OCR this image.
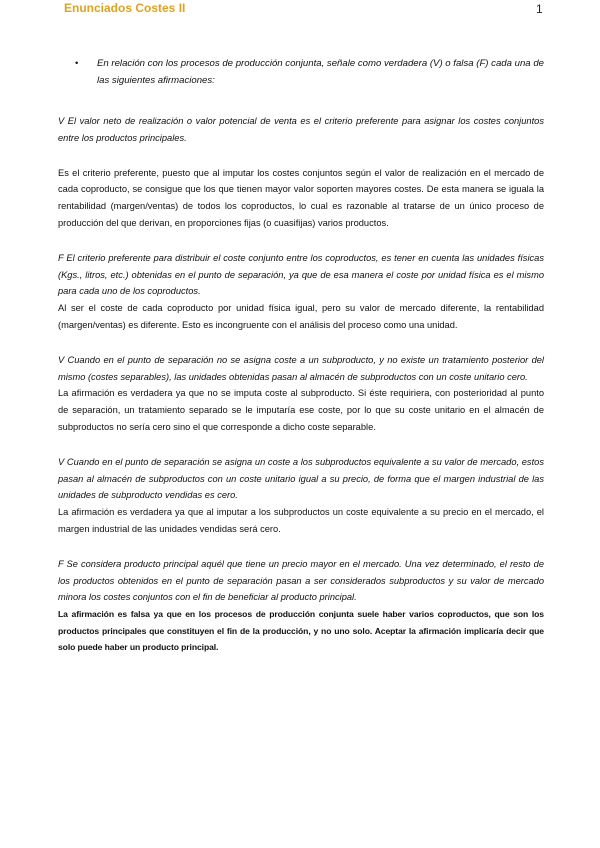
Enunciados Costes II	1
•	En relación con los procesos de producción conjunta, señale como verdadera (V) o falsa (F) cada una de las siguientes afirmaciones:

V El valor neto de realización o valor potencial de venta es el criterio preferente para asignar los costes conjuntos entre los productos principales.

Es el criterio preferente, puesto que al imputar los costes conjuntos según el valor de realización en el mercado de cada coproducto, se consigue que los que tienen mayor valor soporten mayores costes. De esta manera se iguala la rentabilidad (margen/ventas) de todos los coproductos, lo cual es razonable al tratarse de un único proceso de producción del que derivan, en proporciones fijas (o cuasifijas) varios productos.

F El criterio preferente para distribuir el coste conjunto entre los coproductos, es tener en cuenta las unidades físicas (Kgs., litros, etc.) obtenidas en el punto de separación, ya que de esa manera el coste por unidad física es el mismo para cada uno de los coproductos.

Al ser el coste de cada coproducto por unidad física igual, pero su valor de mercado diferente, la rentabilidad (margen/ventas) es diferente. Esto es incongruente con el análisis del proceso como una unidad.

V Cuando en el punto de separación no se asigna coste a un subproducto, y no existe un tratamiento posterior del mismo (costes separables), las unidades obtenidas pasan al almacén de subproductos con un coste unitario cero.

La afirmación es verdadera ya que no se imputa coste al subproducto. Si éste requiriera, con posterioridad al punto de separación, un tratamiento separado se le imputaría ese coste, por lo que su coste unitario en el almacén de subproductos no sería cero sino el que corresponde a dicho coste separable.

V Cuando en el punto de separación se asigna un coste a los subproductos equivalente a su valor de mercado, estos pasan al almacén de subproductos con un coste unitario igual a su precio, de forma que el margen industrial de las unidades de subproducto vendidas es cero.

La afirmación es verdadera ya que al imputar a los subproductos un coste equivalente a su precio en el mercado, el margen industrial de las unidades vendidas será cero.

F Se considera producto principal aquél que tiene un precio mayor en el mercado. Una vez determinado, el resto de los productos obtenidos en el punto de separación pasan a ser considerados subproductos y su valor de mercado minora los costes conjuntos con el fin de beneficiar al producto principal.

La afirmación es falsa ya que en los procesos de producción conjunta suele haber varios coproductos, que son los productos principales que constituyen el fin de la producción, y no uno solo. Aceptar la afirmación implicaría decir que solo puede haber un producto principal.
